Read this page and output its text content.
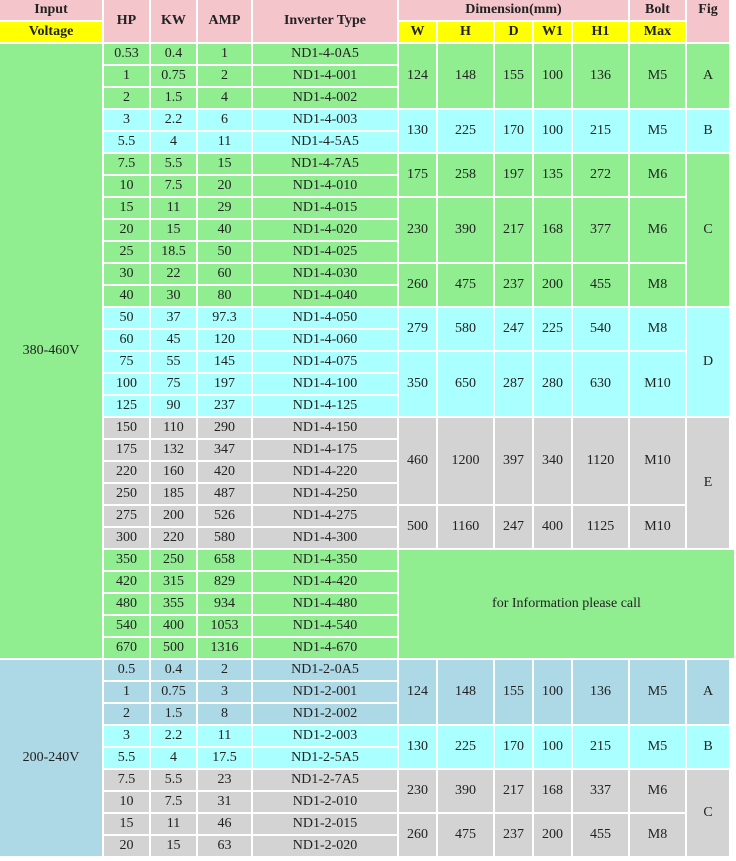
Input	HP	KW	AMP	Inverter Type	Dimension(mm)					Bolt	Fig
Voltage					W	H	D	W1	H1	Max	
380-460V	0.53	0.4	1	ND1-4-0A5	124	148	155	100	136	M5	A
	1	0.75	2	ND1-4-001							
	2	1.5	4	ND1-4-002							
	3	2.2	6	ND1-4-003	130	225	170	100	215	M5	B
	5.5	4	11	ND1-4-5A5							
	7.5	5.5	15	ND1-4-7A5	175	258	197	135	272	M6	C
	10	7.5	20	ND1-4-010							
	15	11	29	ND1-4-015	230	390	217	168	377	M6	
	20	15	40	ND1-4-020							
	25	18.5	50	ND1-4-025							
	30	22	60	ND1-4-030	260	475	237	200	455	M8	
	40	30	80	ND1-4-040							
	50	37	97.3	ND1-4-050	279	580	247	225	540	M8	D
	60	45	120	ND1-4-060							
	75	55	145	ND1-4-075	350	650	287	280	630	M10	
	100	75	197	ND1-4-100							
	125	90	237	ND1-4-125							
	150	110	290	ND1-4-150	460	1200	397	340	1120	M10	E
	175	132	347	ND1-4-175							
	220	160	420	ND1-4-220							
	250	185	487	ND1-4-250							
	275	200	526	ND1-4-275	500	1160	247	400	1125	M10	
	300	220	580	ND1-4-300							
	350	250	658	ND1-4-350	for Information please call						
	420	315	829	ND1-4-420							
	480	355	934	ND1-4-480							
	540	400	1053	ND1-4-540							
	670	500	1316	ND1-4-670							
200-240V	0.5	0.4	2	ND1-2-0A5	124	148	155	100	136	M5	A
	1	0.75	3	ND1-2-001							
	2	1.5	8	ND1-2-002							
	3	2.2	11	ND1-2-003	130	225	170	100	215	M5	B
	5.5	4	17.5	ND1-2-5A5							
	7.5	5.5	23	ND1-2-7A5	230	390	217	168	337	M6	C
	10	7.5	31	ND1-2-010							
	15	11	46	ND1-2-015	260	475	237	200	455	M8	
	20	15	63	ND1-2-020							
